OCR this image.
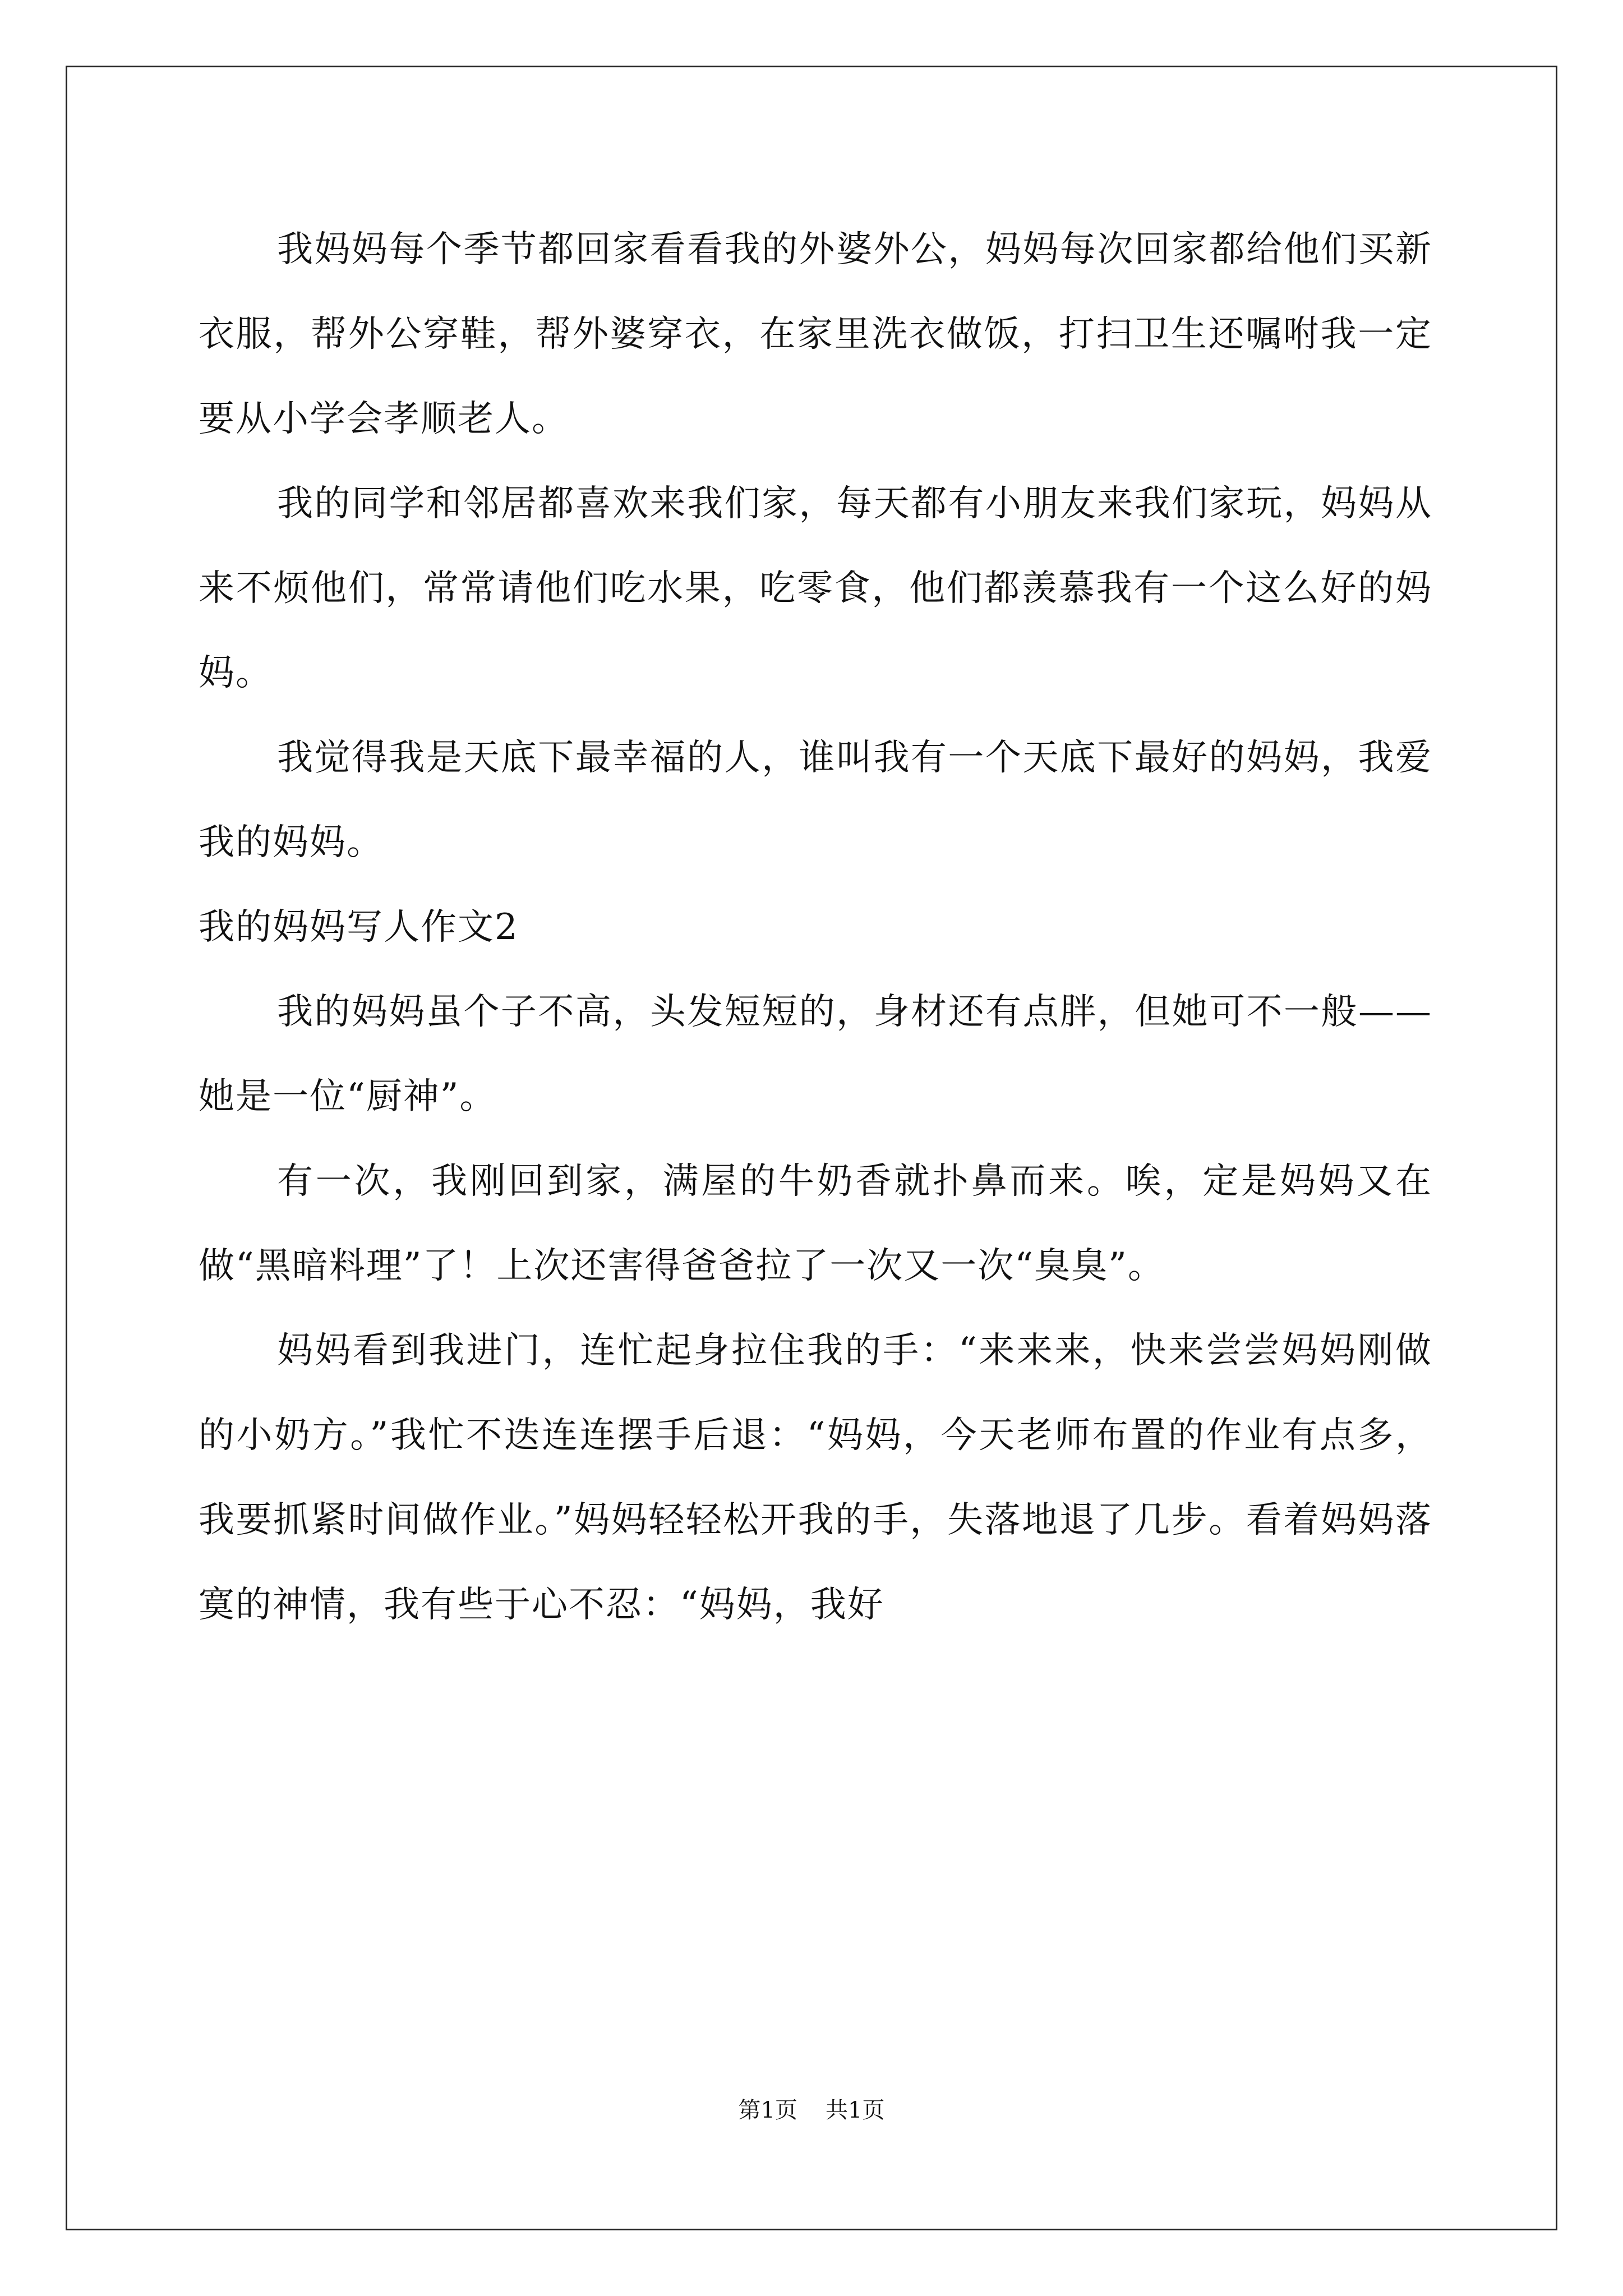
我妈妈每个季节都回家看看我的外婆外公，妈妈每次回家都给他们买新衣服，帮外公穿鞋，帮外婆穿衣，在家里洗衣做饭，打扫卫生还嘱咐我一定要从小学会孝顺老人。

我的同学和邻居都喜欢来我们家，每天都有小朋友来我们家玩，妈妈从来不烦他们，常常请他们吃水果，吃零食，他们都羡慕我有一个这么好的妈妈。

我觉得我是天底下最幸福的人，谁叫我有一个天底下最好的妈妈，我爱我的妈妈。

我的妈妈写人作文2

我的妈妈虽个子不高，头发短短的，身材还有点胖，但她可不一般——她是一位“厨神”。

有一次，我刚回到家，满屋的牛奶香就扑鼻而来。唉，定是妈妈又在做“黑暗料理”了！上次还害得爸爸拉了一次又一次“臭臭”。

妈妈看到我进门，连忙起身拉住我的手：“来来来，快来尝尝妈妈刚做的小奶方。”我忙不迭连连摆手后退：“妈妈，今天老师布置的作业有点多，我要抓紧时间做作业。”妈妈轻轻松开我的手，失落地退了几步。看着妈妈落寞的神情，我有些于心不忍：“妈妈，我好

第1页 共1页
